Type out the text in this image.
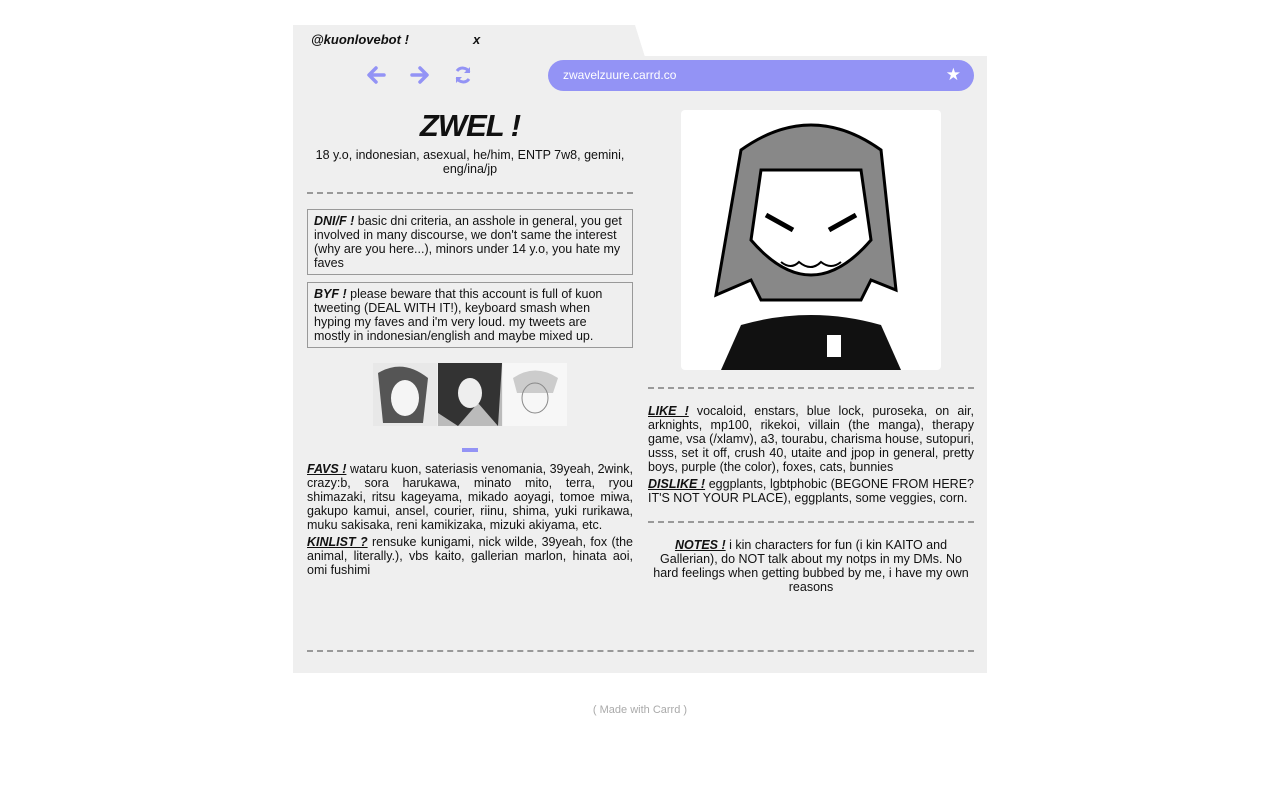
@kuonlovebot !	x
zwavelzuure.carrd.co	★
ZWEL !
18 y.o, indonesian, asexual, he/him, ENTP 7w8, gemini, eng/ina/jp
DNI/F ! basic dni criteria, an asshole in general, you get involved in many discourse, we don't same the interest (why are you here...), minors under 14 y.o, you hate my faves
BYF ! please beware that this account is full of kuon tweeting (DEAL WITH IT!), keyboard smash when hyping my faves and i'm very loud. my tweets are mostly in indonesian/english and maybe mixed up.
FAVS ! wataru kuon, sateriasis venomania, 39yeah, 2wink, crazy:b, sora harukawa, minato mito, terra, ryou shimazaki, ritsu kageyama, mikado aoyagi, tomoe miwa, gakupo kamui, ansel, courier, riinu, shima, yuki rurikawa, muku sakisaka, reni kamikizaka, mizuki akiyama, etc.
KINLIST ? rensuke kunigami, nick wilde, 39yeah, fox (the animal, literally.), vbs kaito, gallerian marlon, hinata aoi, omi fushimi
LIKE ! vocaloid, enstars, blue lock, puroseka, on air, arknights, mp100, rikekoi, villain (the manga), therapy game, vsa (/xlamv), a3, tourabu, charisma house, sutopuri, usss, set it off, crush 40, utaite and jpop in general, pretty boys, purple (the color), foxes, cats, bunnies
DISLIKE ! eggplants, lgbtphobic (BEGONE FROM HERE? IT'S NOT YOUR PLACE), eggplants, some veggies, corn.
NOTES ! i kin characters for fun (i kin KAITO and Gallerian), do NOT talk about my notps in my DMs. No hard feelings when getting bubbed by me, i have my own reasons
( Made with Carrd )
